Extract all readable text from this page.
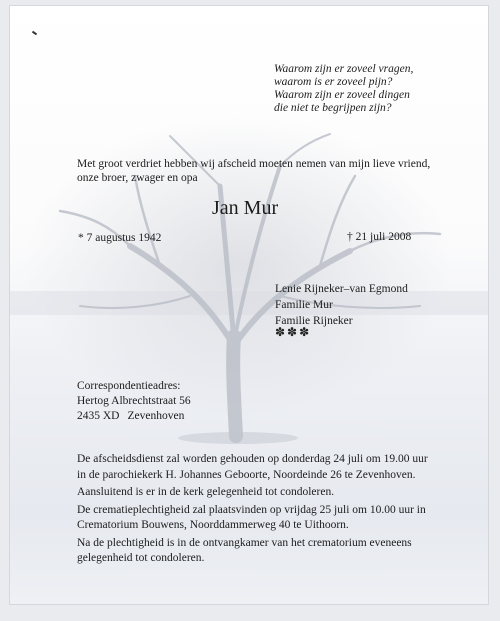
Waarom zijn er zoveel vragen,
waarom is er zoveel pijn?
Waarom zijn er zoveel dingen
die niet te begrijpen zijn?
Met groot verdriet hebben wij afscheid moeten nemen van mijn lieve vriend,
onze broer, zwager en opa
Jan Mur
* 7 augustus 1942	† 21 juli 2008
Lenie Rijneker–van Egmond
Familie Mur
Familie Rijneker
✽✽✽
Correspondentieadres:
Hertog Albrechtstraat 56
2435 XD Zevenhoven

De afscheidsdienst zal worden gehouden op donderdag 24 juli om 19.00 uur
in de parochiekerk H. Johannes Geboorte, Noordeinde 26 te Zevenhoven.

Aansluitend is er in de kerk gelegenheid tot condoleren.

De crematieplechtigheid zal plaatsvinden op vrijdag 25 juli om 10.00 uur in
Crematorium Bouwens, Noorddammerweg 40 te Uithoorn.

Na de plechtigheid is in de ontvangkamer van het crematorium eveneens
gelegenheid tot condoleren.
